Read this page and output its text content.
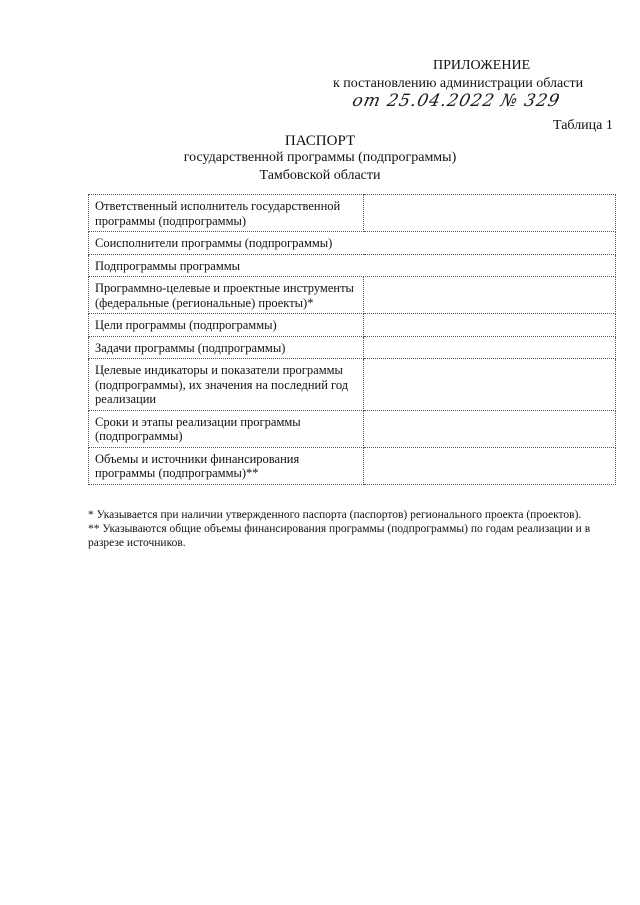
ПРИЛОЖЕНИЕ
к постановлению администрации области
от 25.04.2022 № 329
Таблица 1
ПАСПОРТ
государственной программы (подпрограммы)
Тамбовской области
Ответственный исполнитель государственной программы (подпрограммы)	
Соисполнители программы (подпрограммы)	
Подпрограммы программы	
Программно-целевые и проектные инструменты (федеральные (региональные) проекты)*	
Цели программы (подпрограммы)	
Задачи программы (подпрограммы)	
Целевые индикаторы и показатели программы (подпрограммы), их значения на последний год реализации	
Сроки и этапы реализации программы (подпрограммы)	
Объемы и источники финансирования программы (подпрограммы)**	

* Указывается при наличии утвержденного паспорта (паспортов) регионального проекта (проектов).

** Указываются общие объемы финансирования программы (подпрограммы) по годам реализации и в разрезе источников.
